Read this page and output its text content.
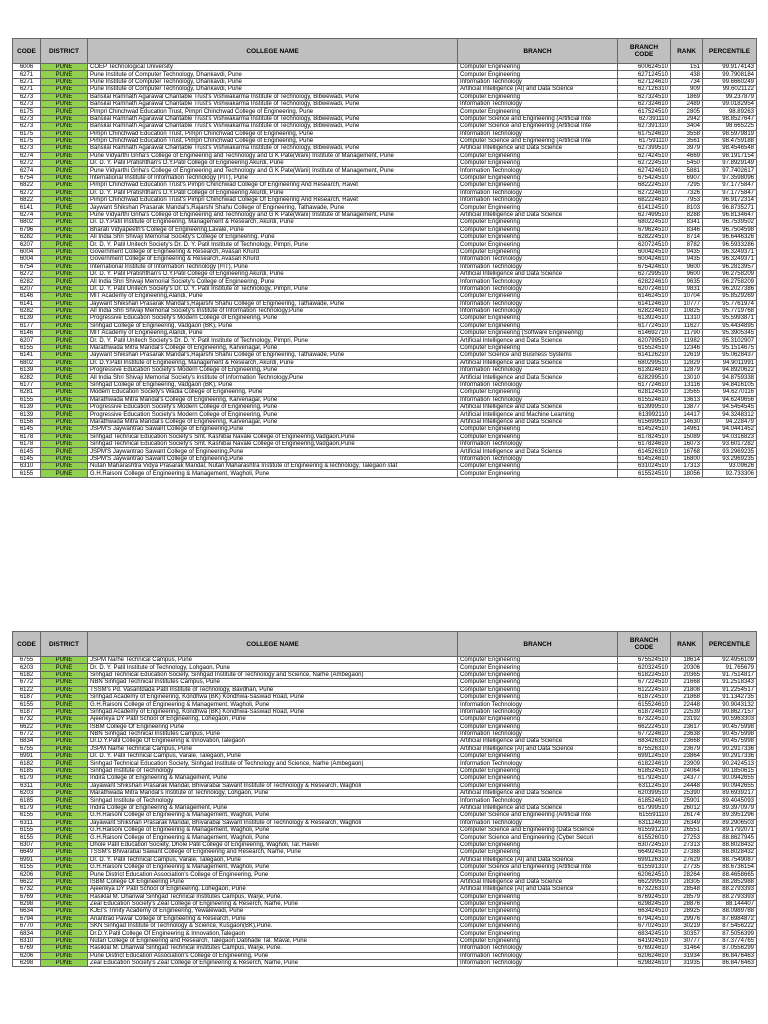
CODE	DISTRICT	COLLEGE NAME	BRANCH	BRANCH CODE	RANK	PERCENTILE
6006	PUNE	COEP Technological University	Computer Engineering	600624510	151	99.9174143
6271	PUNE	Pune Institute of Computer Technology, Dhankavdi, Pune	Computer Engineering	627124510	438	99.7908184
6271	PUNE	Pune Institute of Computer Technology, Dhankavdi, Pune	Information Technology	627124610	734	99.6660249
6271	PUNE	Pune Institute of Computer Technology, Dhankavdi, Pune	Artificial Intelligence (AI) and Data Science	627126310	909	99.6021122
6273	PUNE	Bansilal Ramnath Agarawal Charitable Trust's Vishwakarma Institute of Technology, Bibwewadi, Pune	Computer Engineering	627324510	1869	99.237879
6273	PUNE	Bansilal Ramnath Agarawal Charitable Trust's Vishwakarma Institute of Technology, Bibwewadi, Pune	Information Technology	627324610	2489	99.0182954
6175	PUNE	Pimpri Chinchwad Education Trust, Pimpri Chinchwad College of Engineering, Pune	Computer Engineering	617524510	2805	98.89263
6273	PUNE	Bansilal Ramnath Agarawal Charitable Trust's Vishwakarma Institute of Technology, Bibwewadi, Pune	Computer Science and Engineering (Artificial Inte	627391110	2942	98.8527647
6273	PUNE	Bansilal Ramnath Agarawal Charitable Trust's Vishwakarma Institute of Technology, Bibwewadi, Pune	Computer Science and Engineering (Artificial Inte	627391310	3404	98.665225
6175	PUNE	Pimpri Chinchwad Education Trust, Pimpri Chinchwad College of Engineering, Pune	Information Technology	617524610	3558	98.5979819
6175	PUNE	Pimpri Chinchwad Education Trust, Pimpri Chinchwad College of Engineering, Pune	Computer Science and Engineering (Artificial Inte	617591110	3561	98.4759188
6273	PUNE	Bansilal Ramnath Agarawal Charitable Trust's Vishwakarma Institute of Technology, Bibwewadi, Pune	Artificial Intelligence and Data Science	627399510	3979	98.4546548
6274	PUNE	Pune Vidyarthi Griha's College of Engineering and Technology and G K Pate(Wani) Institute of Management, Pune	Computer Engineering	627424510	4669	98.1917154
6272	PUNE	Dr. D. Y. Patil Pratishthan's D.Y.Patil College of Engineering Akurdi, Pune	Computer Engineering	627224510	5450	97.8929149
6274	PUNE	Pune Vidyarthi Griha's College of Engineering and Technology and G K Pate(Wani) Institute of Management, Pune	Information Technology	627424610	5881	97.7402617
6754	PUNE	International Institute of Information Technology (I²IT), Pune	Computer Engineering	675424510	6907	97.3598096
6822	PUNE	Pimpri Chinchwad Education Trust's Pimpri Chinchwad College Of Engineering And Research, Ravet	Computer Engineering	682224510	7295	97.1775847
6272	PUNE	Dr. D. Y. Patil Pratishthan's D.Y.Patil College of Engineering Akurdi, Pune	Information Technology	627224610	7326	97.1775847
6822	PUNE	Pimpri Chinchwad Education Trust's Pimpri Chinchwad College Of Engineering And Research, Ravet	Information Technology	682224610	7953	96.9172314
6141	PUNE	Jaywant Shikshan Prasarak Mandal's,Rajarshi Shahu College of Engineering, Tathawade, Pune	Computer Engineering	614124510	8103	96.8735271
6274	PUNE	Pune Vidyarthi Griha's College of Engineering and Technology and G K Pate(Wani) Institute of Management, Pune	Artificial Intelligence and Data Science	627499510	8288	96.8134647
6802	PUNE	Dr. D.Y.Patil Institute of Engineering, Management & Research, Akurdi, Pune	Computer Engineering	680224510	8341	96.7539502
6796	PUNE	Bharati Vidyapeeth's College of Engineering,Lavale, Pune	Computer Engineering	679624510	8346	96.7504598
6282	PUNE	All India Shri Shivaji Memorial Society's College of Engineering, Pune	Computer Engineering	628224510	8714	96.6446326
6207	PUNE	Dr. D. Y. Patil Unitech Society's Dr. D. Y. Patil Institute of Technology, Pimpri, Pune	Computer Engineering	620724510	8782	96.5933286
6004	PUNE	Government College of Engineering & Research, Avasari Khurd	Computer Engineering	600424510	9435	96.3249371
6004	PUNE	Government College of Engineering & Research, Avasari Khurd	Information Technology	600424610	9435	96.3249371
6754	PUNE	International Institute of Information Technology (I²IT), Pune	Information Technology	675424610	9600	96.2813957
6272	PUNE	Dr. D. Y. Patil Pratishthan's D.Y.Patil College of Engineering Akurdi, Pune	Artificial Intelligence and Data Science	627299510	9600	96.2758209
6282	PUNE	All India Shri Shivaji Memorial Society's College of Engineering, Pune	Information Technology	628224610	9635	96.2758209
6207	PUNE	Dr. D. Y. Patil Unitech Society's Dr. D. Y. Patil Institute of Technology, Pimpri, Pune	Information Technology	620724610	9831	96.2027386
6146	PUNE	MIT Academy of Engineering,Alandi, Pune	Computer Engineering	614624510	10704	95.8529269
6141	PUNE	Jaywant Shikshan Prasarak Mandal's,Rajarshi Shahu College of Engineering, Tathawade, Pune	Information Technology	614124610	10777	95.7761974
6282	PUNE	All India Shri Shivaji Memorial Society's Institute of Information Technology,Pune	Information Technology	628224610	10825	95.7719768
6139	PUNE	Progressive Education Society's Modern College of Engineering, Pune	Computer Engineering	613924510	11310	95.5993871
6177	PUNE	Sinhgad College of Engineering, Vadgaon (BK), Pune	Computer Engineering	617724510	11627	95.4434895
6146	PUNE	MIT Academy of Engineering,Alandi, Pune	Computer Engineering (Software Engineering)	614692710	11790	95.3905345
6207	PUNE	Dr. D. Y. Patil Unitech Society's Dr. D. Y. Patil Institute of Technology, Pimpri, Pune	Artificial Intelligence and Data Science	620799510	11982	95.3102907
6155	PUNE	Marathwada Mitra Mandal's College of Engineering, Karvenagar, Pune	Computer Engineering	615524510	12346	95.1514675
6141	PUNE	Jaywant Shikshan Prasarak Mandal's,Rajarshi Shahu College of Engineering, Tathawade, Pune	Computer Science and Business Systems	614126210	12619	95.0628437
6802	PUNE	Dr. D.Y.Patil Institute of Engineering, Management & Research, Akurdi, Pune	Artificial Intelligence and Data Science	680299510	12829	94.9011991
6139	PUNE	Progressive Education Society's Modern College of Engineering, Pune	Information Technology	613924610	12879	94.8920622
6282	PUNE	All India Shri Shivaji Memorial Society's Institute of Information Technology,Pune	Artificial Intelligence and Data Science	628299510	13010	94.8759338
6177	PUNE	Sinhgad College of Engineering, Vadgaon (BK), Pune	Information Technology	617724610	13116	94.8416105
6281	PUNE	Modern Education Society's Wadia College of Engineering, Pune	Computer Engineering	628124510	13565	94.6270116
6155	PUNE	Marathwada Mitra Mandal's College of Engineering, Karvenagar, Pune	Information Technology	615524610	13613	94.6249656
6139	PUNE	Progressive Education Society's Modern College of Engineering, Pune	Artificial Intelligence and Data Science	613999510	13877	94.5454545
6139	PUNE	Progressive Education Society's Modern College of Engineering, Pune	Artificial Intelligence and Machine Learning	613992110	14417	94.3248312
6156	PUNE	Marathwada Mitra Mandal's College of Engineering, Karvenagar, Pune	Artificial Intelligence and Data Science	615699510	14630	94.228479
6145	PUNE	JSPM'S Jaywantrao Sawant College of Engineering,Pune	Computer Engineering	614524510	14961	94.0441452
6178	PUNE	Sinhgad Technical Education Society's Smt. Kashibai Navale College of Engineering,Vadgaon,Pune	Computer Engineering	617824510	15089	94.0316823
6178	PUNE	Sinhgad Technical Education Society's Smt. Kashibai Navale College of Engineering,Vadgaon,Pune	Information Technology	617824610	16073	93.6017282
6145	PUNE	JSPM'S Jaywantrao Sawant College of Engineering,Pune	Artificial Intelligence and Data Science	614526310	16768	93.2969235
6145	PUNE	JSPM'S Jaywantrao Sawant College of Engineering,Pune	Information Technology	614524610	16800	93.2969235
6310	PUNE	Nutan Maharashtra Vidya Prasarak Mandal, Nutan Maharashtra Institute of Engineering &Technology, Talegaon stat	Computer Engineering	631024510	17313	93.09626
6155	PUNE	G.H.Raisoni College of Engineering & Management, Wagholi, Pune	Computer Engineering	615524510	18056	92.733306
CODE	DISTRICT	COLLEGE NAME	BRANCH	BRANCH CODE	RANK	PERCENTILE
6755	PUNE	JSPM Narhe Technical Campus, Pune	Computer Engineering	675524510	18614	92.4956109
6203	PUNE	Dr. D. Y. Patil Institute of Technology, Lohgaon, Pune	Computer Engineering	620324510	20306	91.765679
6182	PUNE	Sinhgad Technical Education Society, Sinhgad Institute of Technology and Science, Narhe (Ambegaon)	Computer Engineering	618224510	20365	91.7514817
6772	PUNE	NBN Sinhgad Technical Institutes Campus, Pune	Computer Engineering	677224510	21668	91.2518343
6122	PUNE	TSSM's Pd. Vasantdada Patil Institute of Technology, Bavdhan, Pune	Computer Engineering	612224510	21808	91.2254517
6187	PUNE	Sinhgad Academy of Engineering, Kondhwa (BK) Kondhwa-Saswad Road, Pune	Computer Engineering	618724510	21868	91.1342735
6155	PUNE	G.H.Raisoni College of Engineering & Management, Wagholi, Pune	Information Technology	615524610	22448	90.9043132
6187	PUNE	Sinhgad Academy of Engineering, Kondhwa (BK) Kondhwa-Saswad Road, Pune	Information Technology	618724610	22539	90.8627157
6732	PUNE	Ajeenkya DY Patil School of Engineering, Lohegaon, Pune	Computer Engineering	673224510	23192	90.5963303
6622	PUNE	ISBM College Of Engineering Pune	Computer Engineering	662224510	23617	90.4575998
6772	PUNE	NBN Sinhgad Technical Institutes Campus, Pune	Information Technology	677224610	23638	90.4575998
6834	PUNE	Dr.D.Y.Patil College Of Engineering & Innovation,Talegaon	Artificial Intelligence and Data Science	683426310	23668	90.4575998
6755	PUNE	JSPM Narhe Technical Campus, Pune	Artificial Intelligence (AI) and Data Science	675526310	23679	90.2917336
6991	PUNE	Dr. D. Y. Patil Technical Campus, Varale, Talegaon, Pune	Computer Engineering	699124510	23864	90.2917336
6182	PUNE	Sinhgad Technical Education Society, Sinhgad Institute of Technology and Science, Narhe (Ambegaon)	Information Technology	618224610	23909	90.2424513
6185	PUNE	Sinhgad Institute of Technology	Computer Engineering	618524510	24064	90.1850615
6179	PUNE	Indira College of Engineering & Management, Pune	Computer Engineering	617924510	24377	90.0942655
6311	PUNE	Jayawant Shikshan Prasarak Mandal, Bhivarabai Sawant Institute of Technology & Research, Wagholi	Computer Engineering	631124510	24448	90.0942655
6203	PUNE	Marathwada Mitra Mandal's Institute of Technology, Lohgaon, Pune	Artificial Intelligence and Data Science	620399510	25390	89.6939217
6185	PUNE	Sinhgad Institute of Technology	Information Technology	618524610	25901	89.4045093
6179	PUNE	Indira College of Engineering & Management, Pune	Artificial Intelligence and Data Science	617999510	26012	89.3970979
6155	PUNE	G.H.Raisoni College of Engineering & Management, Wagholi, Pune	Computer Science and Engineering (Artificial Inte	615591110	26174	89.3951296
6311	PUNE	Jayawant Shikshan Prasarak Mandal, Bhivarabai Sawant Institute of Technology & Research, Wagholi	Information Technology	631124610	26349	89.2906503
6155	PUNE	G.H.Raisoni College of Engineering & Management, Wagholi, Pune	Computer Science and Engineering (Data Science	615591210	26551	89.1792071
6155	PUNE	G.H.Raisoni College of Engineering & Management, Wagholi, Pune	Computer Science and Engineering (Cyber Securi	615526010	27253	88.8627945
6307	PUNE	Dhole Patil Education Society, Dhole Patil College of Engineering, Wagholi, Tal. Haveli	Computer Engineering	630724510	27313	88.8028432
6649	PUNE	TSSM's Bhivarabai Sawant College of Engineering and Research, Narhe, Pune	Computer Engineering	664924510	27388	88.8028432
6991	PUNE	Dr. D. Y. Patil Technical Campus, Varale, Talegaon, Pune	Artificial Intelligence (AI) and Data Science	699126310	27629	88.7549087
6155	PUNE	G.H.Raisoni College of Engineering & Management, Wagholi, Pune	Computer Science and Engineering (Artificial Inte	615591310	27735	88.6736154
6206	PUNE	Pune District Education Association's College of Engineering, Pune	Computer Engineering	620624510	28264	88.4658665
6622	PUNE	ISBM College Of Engineering Pune	Artificial Intelligence and Data Science	662299510	28305	88.2852988
6732	PUNE	Ajeenkya DY Patil School of Engineering, Lohegaon, Pune	Artificial Intelligence (AI) and Data Science	673226310	28548	88.2793393
6769	PUNE	Rasiklal M. Dhariwal Sinhgad Technical Institutes Campus, Warje, Pune.	Computer Engineering	676924510	28579	88.2793393
6298	PUNE	Zeal Education Society's Zeal College of Engineering & Reserch, Narhe, Pune	Computer Engineering	629824510	28876	88.144407
6634	PUNE	KJEI's Trinity Academy of Engineering, Yewalewadi, Pune	Computer Engineering	663424510	28925	88.0989788
6794	PUNE	Anantrao Pawar College of Engineering & Research, Pune	Computer Engineering	679424510	29976	87.6984872
6770	PUNE	SKN Sinhgad Institute of Technology & Science, Kusgaon(BK),Pune.	Computer Engineering	677024510	30219	87.5456222
6834	PUNE	Dr.D.Y.Patil College Of Engineering & Innovation,Talegaon	Computer Engineering	683424510	30357	87.5056399
6310	PUNE	Nutan College of Engineering and Research, Talegaon Dabhade Tal. Maval, Pune	Computer Engineering	641924510	30777	87.3774765
6769	PUNE	Rasiklal M. Dhariwal Sinhgad Technical Institutes Campus, Warje, Pune.	Information Technology	676924610	31464	87.0556299
6206	PUNE	Pune District Education Association's College of Engineering, Pune	Information Technology	620624610	31934	86.8476463
6298	PUNE	Zeal Education Society's Zeal College of Engineering & Reserch, Narhe, Pune	Information Technology	629824610	31935	86.8476463
